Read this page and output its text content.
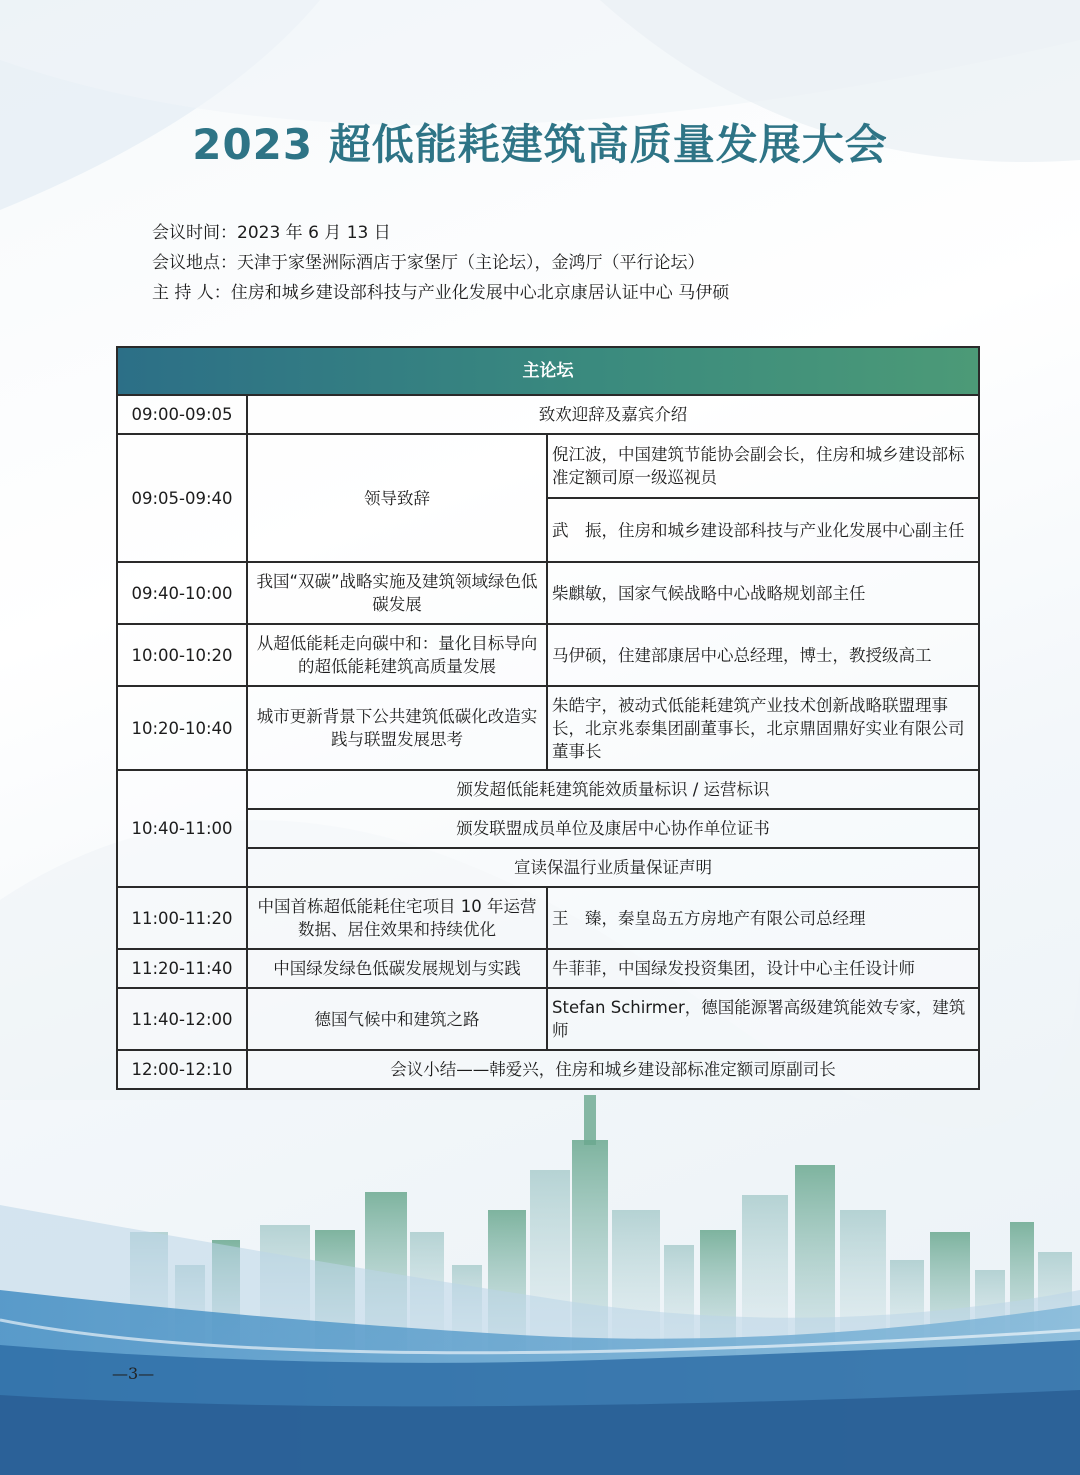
2023 超低能耗建筑高质量发展大会
会议时间：2023 年 6 月 13 日
会议地点：天津于家堡洲际酒店于家堡厅（主论坛），金鸿厅（平行论坛）
主 持 人：住房和城乡建设部科技与产业化发展中心北京康居认证中心 马伊硕
主论坛		
09:00-09:05	致欢迎辞及嘉宾介绍	
09:05-09:40	领导致辞	倪江波，中国建筑节能协会副会长，住房和城乡建设部标准定额司原一级巡视员
		武　振，住房和城乡建设部科技与产业化发展中心副主任
09:40-10:00	我国“双碳”战略实施及建筑领域绿色低碳发展	柴麒敏，国家气候战略中心战略规划部主任
10:00-10:20	从超低能耗走向碳中和：量化目标导向的超低能耗建筑高质量发展	马伊硕，住建部康居中心总经理，博士，教授级高工
10:20-10:40	城市更新背景下公共建筑低碳化改造实践与联盟发展思考	朱皓宇，被动式低能耗建筑产业技术创新战略联盟理事长，北京兆泰集团副董事长，北京鼎固鼎好实业有限公司董事长
10:40-11:00	颁发超低能耗建筑能效质量标识 / 运营标识	
	颁发联盟成员单位及康居中心协作单位证书	
	宣读保温行业质量保证声明	
11:00-11:20	中国首栋超低能耗住宅项目 10 年运营数据、居住效果和持续优化	王　臻，秦皇岛五方房地产有限公司总经理
11:20-11:40	中国绿发绿色低碳发展规划与实践	牛菲菲，中国绿发投资集团，设计中心主任设计师
11:40-12:00	德国气候中和建筑之路	Stefan Schirmer，德国能源署高级建筑能效专家，建筑师
12:00-12:10	会议小结——韩爱兴，住房和城乡建设部标准定额司原副司长	
—3—
